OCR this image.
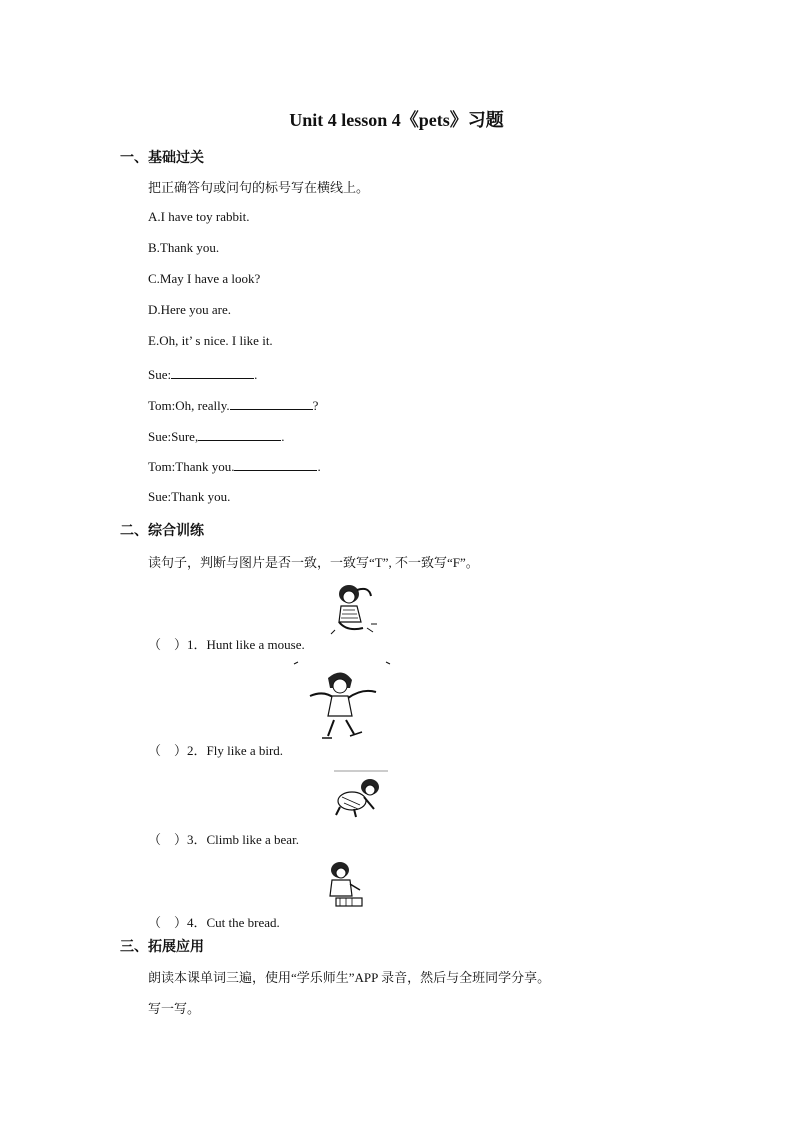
Unit 4 lesson 4《pets》习题

一、基础过关

把正确答句或问句的标号写在横线上。

A.I have toy rabbit.

B.Thank you.

C.May I have a look?

D.Here you are.

E.Oh, it’ s nice. I like it.

Sue:	.

Tom:Oh, really.	?

Sue:Sure,	.

Tom:Thank you.	.

Sue:Thank you.

二、综合训练

读句子，判断与图片是否一致，一致写“T”, 不一致写“F”。

（　）1．Hunt like a mouse.

（　）2．Fly like a bird.

（　）3．Climb like a bear.

（　）4．Cut the bread.

三、拓展应用

朗读本课单词三遍，使用“学乐师生”APP 录音，然后与全班同学分享。

写一写。
